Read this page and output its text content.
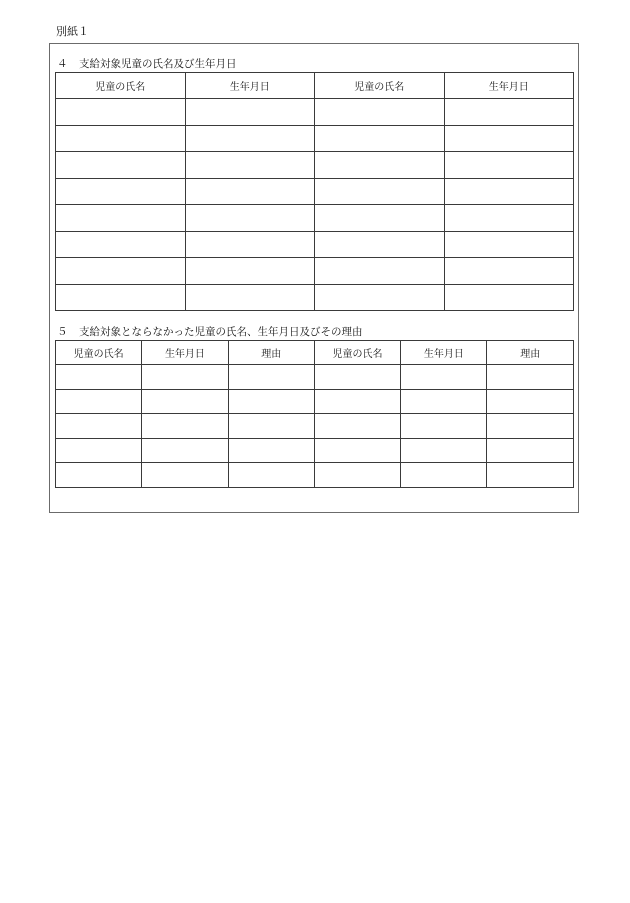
別紙１
４ 支給対象児童の氏名及び生年月日
児童の氏名	生年月日	児童の氏名	生年月日

５ 支給対象とならなかった児童の氏名、生年月日及びその理由
児童の氏名	生年月日	理由	児童の氏名	生年月日	理由
